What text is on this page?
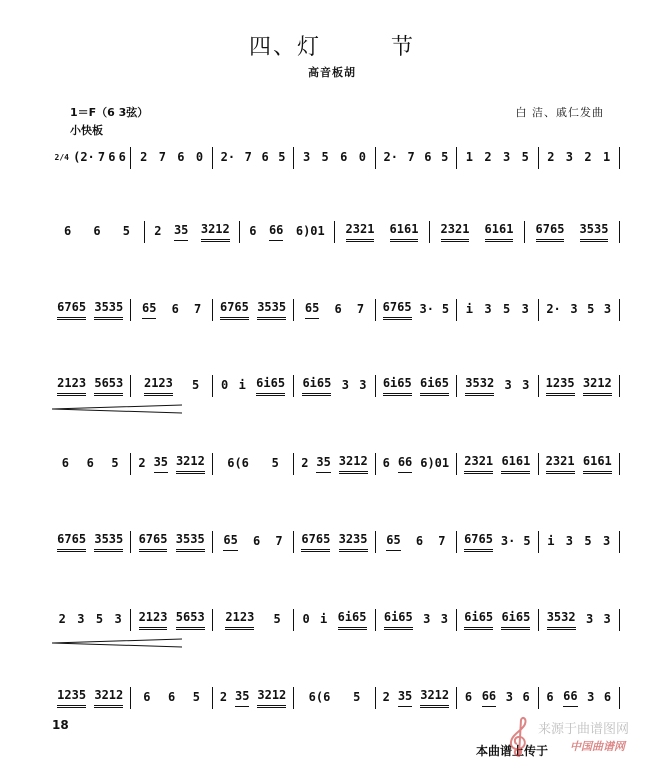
四、灯	节
高音板胡
1＝F（6 3弦）
小快板
白 洁、戚仁发曲
2/4 (2· 7 6 6 2 7 6 0 2· 7 6 5 3 5 6 0 2· 7 6 5 1 2 3 5 2 3 2 1
6 6 5 2 35 3212 6 66 6)01 2321 6161 2321 6161 6765 3535
6765 3535 65 6 7 6765 3535 65 6 7 6765 3· 5 i 3 5 3 2· 3 5 3
2123 5653 2123 5 0 i 6i65 6i65 3 3 6i65 6i65 3532 3 3 1235 3212
6 6 5 2 35 3212 6(6 5 2 35 3212 6 66 6)01 2321 6161 2321 6161
6765 3535 6765 3535 65 6 7 6765 3235 65 6 7 6765 3· 5 i 3 5 3
2 3 5 3 2123 5653 2123 5 0 i 6i65 6i65 3 3 6i65 6i65 3532 3 3
1235 3212 6 6 5 2 35 3212 6(6 5 2 35 3212 6 66 3 6 6 66 3 6
18
本曲谱上传于
来源于曲谱图网
中国曲谱网
